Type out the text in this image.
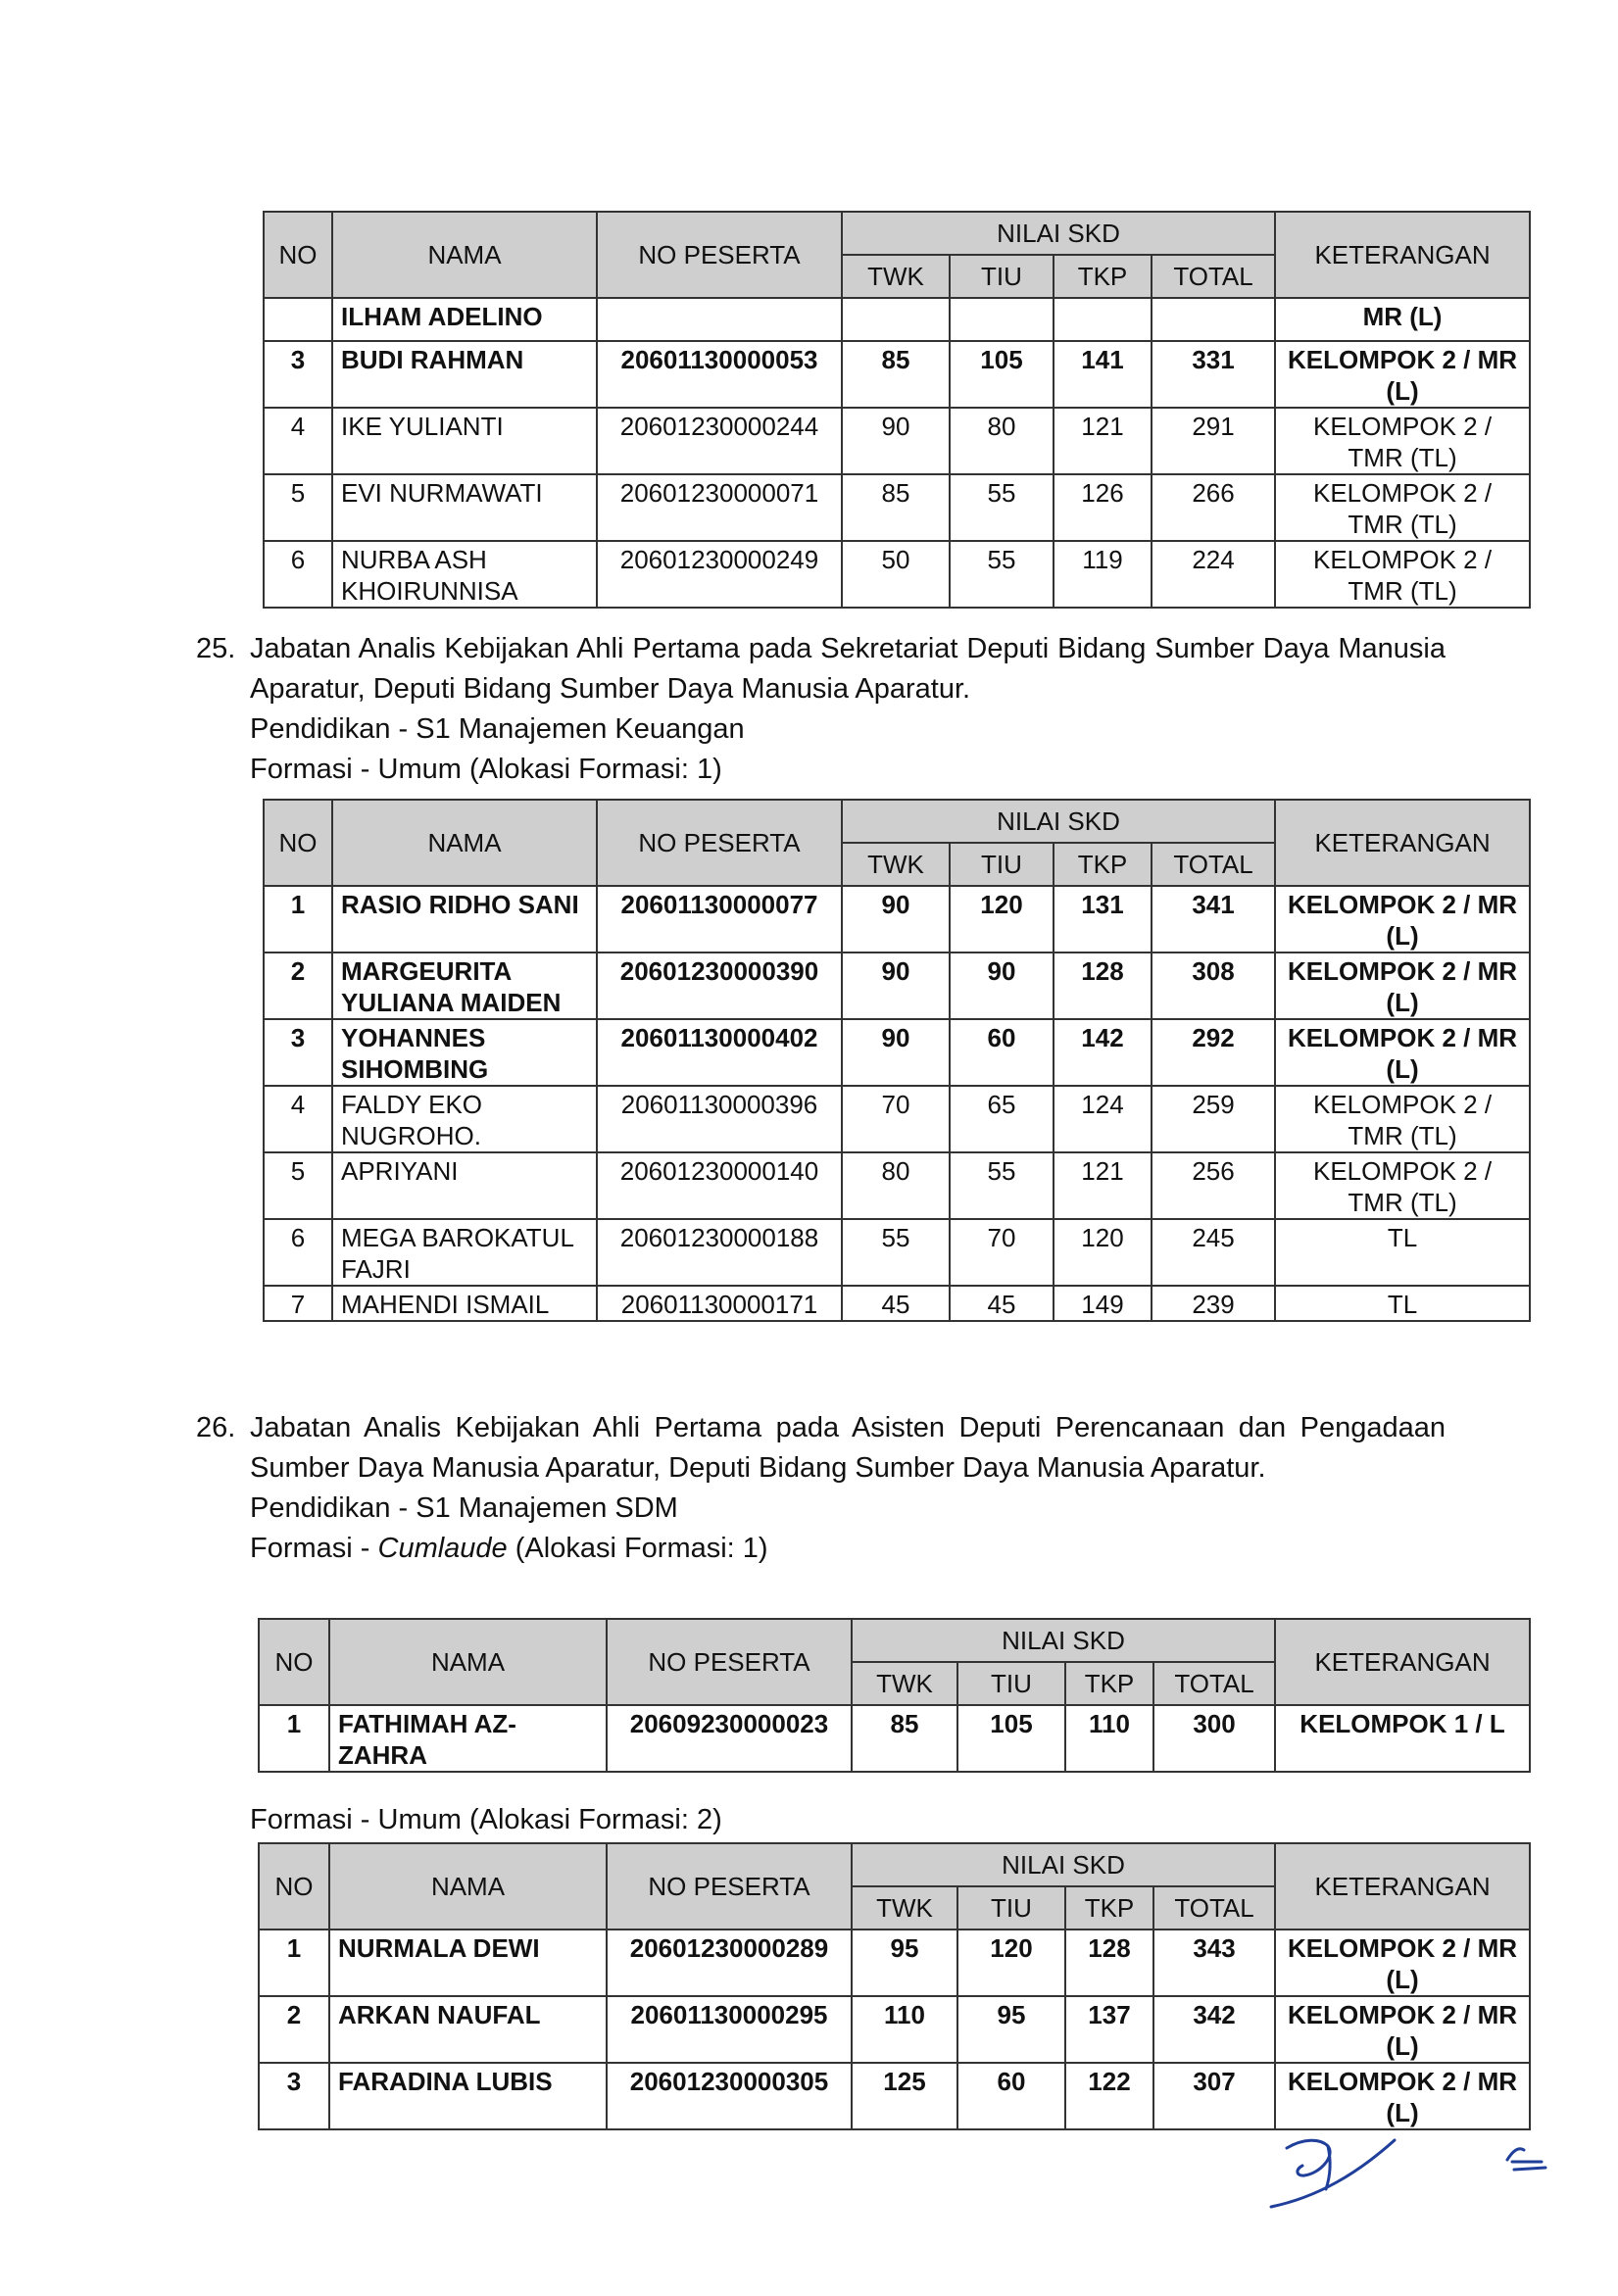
NO	NAMA	NO PESERTA	NILAI SKD				KETERANGAN
			TWK	TIU	TKP	TOTAL	
	ILHAM ADELINO						MR (L)
3	BUDI RAHMAN	20601130000053	85	105	141	331	KELOMPOK 2 / MR (L)
4	IKE YULIANTI	20601230000244	90	80	121	291	KELOMPOK 2 / TMR (TL)
5	EVI NURMAWATI	20601230000071	85	55	126	266	KELOMPOK 2 / TMR (TL)
6	NURBA ASH KHOIRUNNISA	20601230000249	50	55	119	224	KELOMPOK 2 / TMR (TL)
25. Jabatan Analis Kebijakan Ahli Pertama pada Sekretariat Deputi Bidang Sumber Daya Manusia Aparatur, Deputi Bidang Sumber Daya Manusia Aparatur.
Pendidikan - S1 Manajemen Keuangan
Formasi - Umum (Alokasi Formasi: 1)
NO	NAMA	NO PESERTA	NILAI SKD				KETERANGAN
			TWK	TIU	TKP	TOTAL	
1	RASIO RIDHO SANI	20601130000077	90	120	131	341	KELOMPOK 2 / MR (L)
2	MARGEURITA YULIANA MAIDEN	20601230000390	90	90	128	308	KELOMPOK 2 / MR (L)
3	YOHANNES SIHOMBING	20601130000402	90	60	142	292	KELOMPOK 2 / MR (L)
4	FALDY EKO NUGROHO.	20601130000396	70	65	124	259	KELOMPOK 2 / TMR (TL)
5	APRIYANI	20601230000140	80	55	121	256	KELOMPOK 2 / TMR (TL)
6	MEGA BAROKATUL FAJRI	20601230000188	55	70	120	245	TL
7	MAHENDI ISMAIL	20601130000171	45	45	149	239	TL
26. Jabatan Analis Kebijakan Ahli Pertama pada Asisten Deputi Perencanaan dan Pengadaan Sumber Daya Manusia Aparatur, Deputi Bidang Sumber Daya Manusia Aparatur.
Pendidikan - S1 Manajemen SDM
Formasi - Cumlaude (Alokasi Formasi: 1)
NO	NAMA	NO PESERTA	NILAI SKD				KETERANGAN
			TWK	TIU	TKP	TOTAL	
1	FATHIMAH AZ-ZAHRA	20609230000023	85	105	110	300	KELOMPOK 1 / L
Formasi - Umum (Alokasi Formasi: 2)
NO	NAMA	NO PESERTA	NILAI SKD				KETERANGAN
			TWK	TIU	TKP	TOTAL	
1	NURMALA DEWI	20601230000289	95	120	128	343	KELOMPOK 2 / MR (L)
2	ARKAN NAUFAL	20601130000295	110	95	137	342	KELOMPOK 2 / MR (L)
3	FARADINA LUBIS	20601230000305	125	60	122	307	KELOMPOK 2 / MR (L)
